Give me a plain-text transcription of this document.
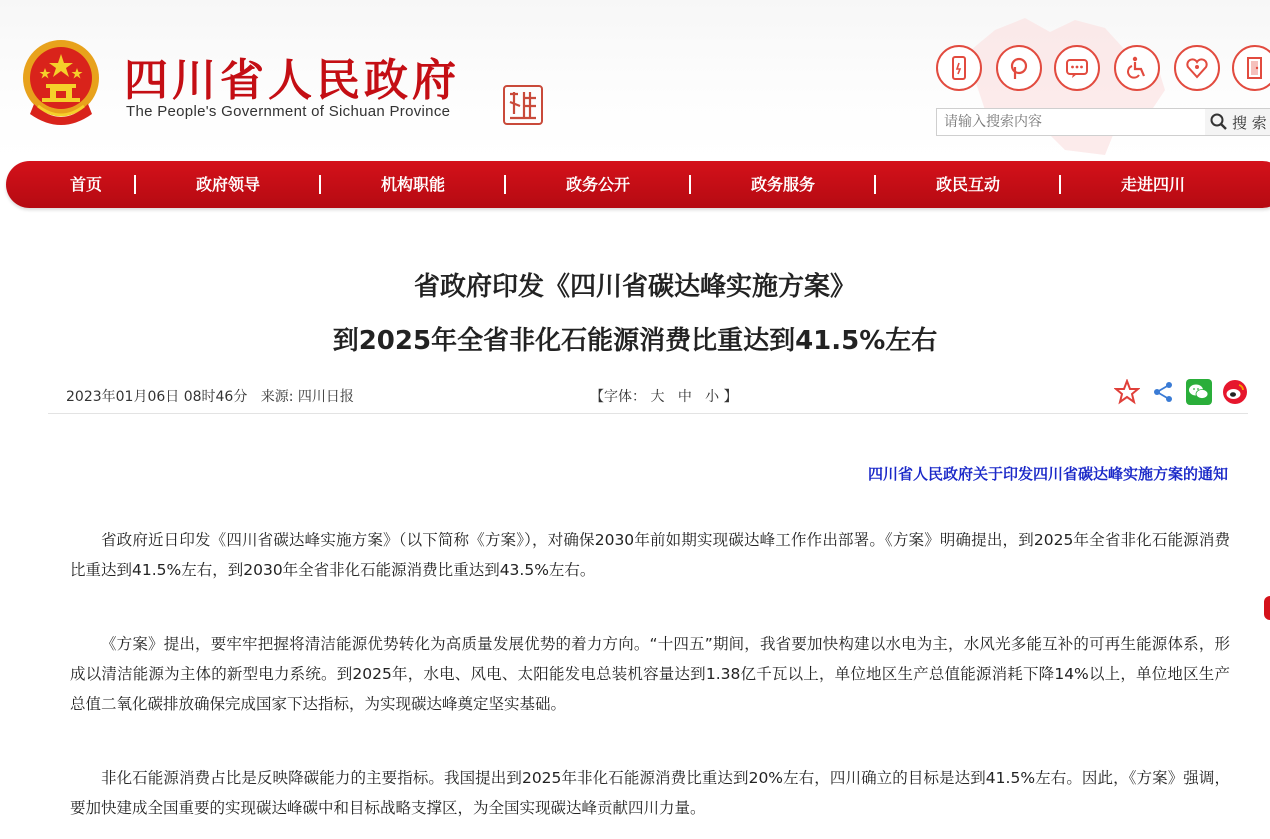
四川省人民政府
The People's Government of Sichuan Province
请输入搜索内容
搜 索
首页	政府领导	机构职能	政务公开	政务服务	政民互动	走进四川
省政府印发《四川省碳达峰实施方案》
到2025年全省非化石能源消费比重达到41.5%左右
2023年01月06日 08时46分 来源: 四川日报	【字体： 大 中 小 】
四川省人民政府关于印发四川省碳达峰实施方案的通知

省政府近日印发《四川省碳达峰实施方案》（以下简称《方案》），对确保2030年前如期实现碳达峰工作作出部署。《方案》明确提出，到2025年全省非化石能源消费比重达到41.5%左右，到2030年全省非化石能源消费比重达到43.5%左右。

《方案》提出，要牢牢把握将清洁能源优势转化为高质量发展优势的着力方向。“十四五”期间，我省要加快构建以水电为主，水风光多能互补的可再生能源体系，形成以清洁能源为主体的新型电力系统。到2025年，水电、风电、太阳能发电总装机容量达到1.38亿千瓦以上，单位地区生产总值能源消耗下降14%以上，单位地区生产总值二氧化碳排放确保完成国家下达指标，为实现碳达峰奠定坚实基础。

非化石能源消费占比是反映降碳能力的主要指标。我国提出到2025年非化石能源消费比重达到20%左右，四川确立的目标是达到41.5%左右。因此，《方案》强调，要加快建成全国重要的实现碳达峰碳中和目标战略支撑区，为全国实现碳达峰贡献四川力量。
